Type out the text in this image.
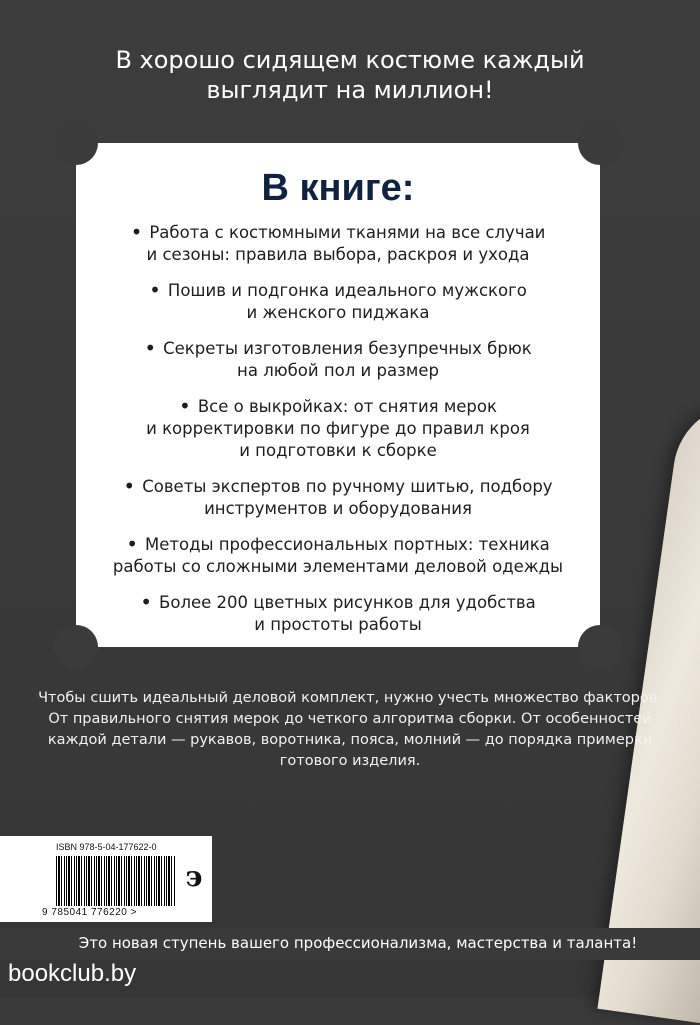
В хорошо сидящем костюме каждый
выглядит на миллион!
В книге:
• Работа с костюмными тканями на все случаи
и сезоны: правила выбора, раскроя и ухода
• Пошив и подгонка идеального мужского
и женского пиджака
• Секреты изготовления безупречных брюк
на любой пол и размер
• Все о выкройках: от снятия мерок
и корректировки по фигуре до правил кроя
и подготовки к сборке
• Советы экспертов по ручному шитью, подбору
инструментов и оборудования
• Методы профессиональных портных: техника
работы со сложными элементами деловой одежды
• Более 200 цветных рисунков для удобства
и простоты работы
Чтобы сшить идеальный деловой комплект, нужно учесть множество факторов.
От правильного снятия мерок до четкого алгоритма сборки. От особенностей
каждой детали — рукавов, воротника, пояса, молний — до порядка примерки
готового изделия.
ISBN 978-5-04-177622-0
9 785041 776220 >
э
Это новая ступень вашего профессионализма, мастерства и таланта!
bookclub.by
